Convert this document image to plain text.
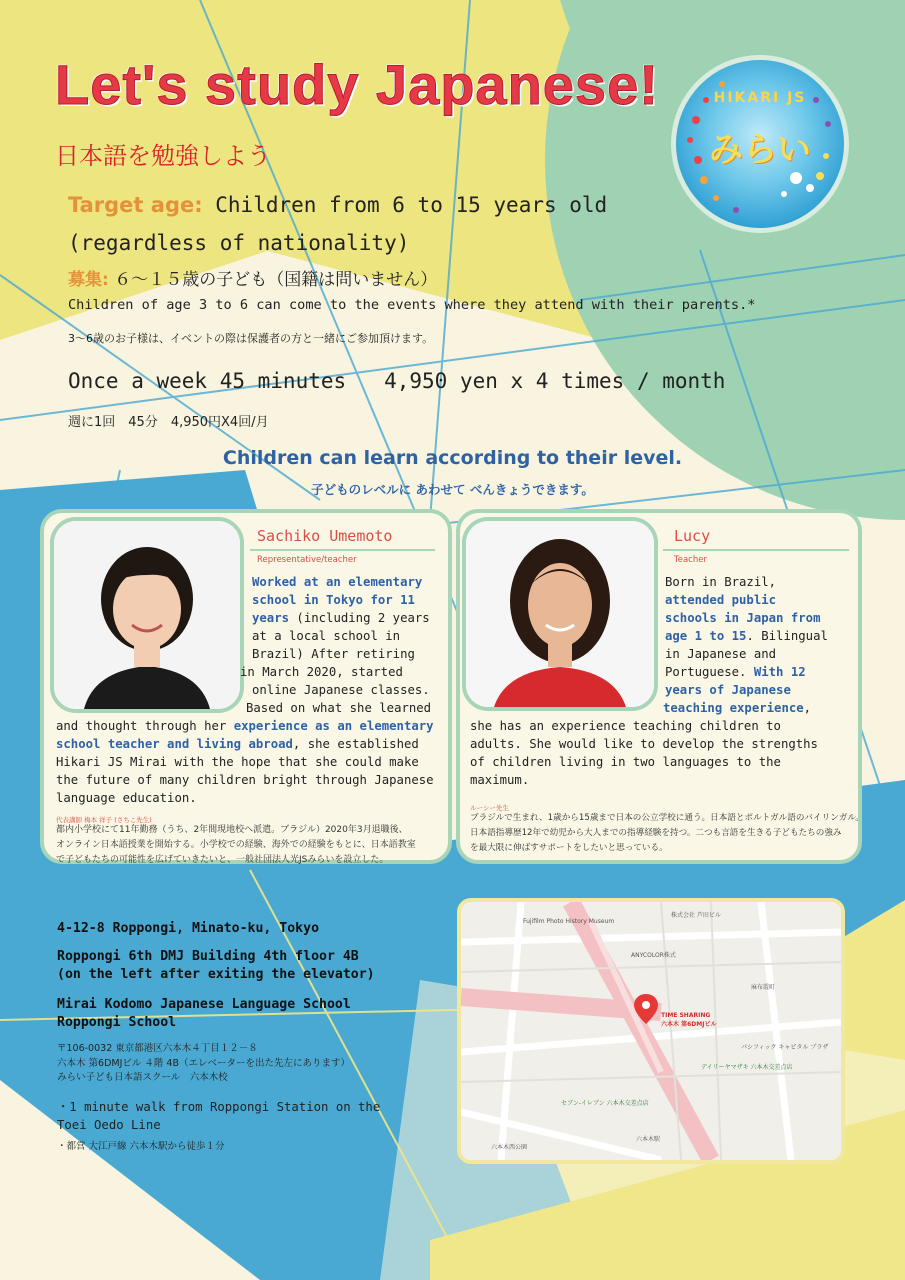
Let's study Japanese!
日本語を勉強しよう
HIKARI JS
みらい
Target age: Children from 6 to 15 years old
(regardless of nationality)
募集: ６～１５歳の子ども（国籍は問いません）
Children of age 3 to 6 can come to the events where they attend with their parents.*
3～6歳のお子様は、イベントの際は保護者の方と一緒にご参加頂けます。
Once a week 45 minutes   4,950 yen x 4 times / month
週に1回　45分　4,950円X4回/月
Children can learn according to their level.
子どものレベルに あわせて べんきょうできます。
Sachiko Umemoto
Representative/teacher
Worked at an elementary
school in Tokyo for 11
years (including 2 years
at a local school in
Brazil) After retiring
in March 2020, started
online Japanese classes.
Based on what she learned
and thought through her experience as an elementary
school teacher and living abroad, she established
Hikari JS Mirai with the hope that she could make
the future of many children bright through Japanese
language education.
代表講師 梅本 祥子 (さちこ先生)
都内小学校にて11年勤務（うち、2年間現地校へ派遣。ブラジル）2020年3月退職後、
オンライン日本語授業を開始する。小学校での経験、海外での経験をもとに、日本語教室
で子どもたちの可能性を広げていきたいと、一般社団法人光JSみらいを設立した。
Lucy
Teacher
Born in Brazil,
attended public
schools in Japan from
age 1 to 15. Bilingual
in Japanese and
Portuguese. With 12
years of Japanese
teaching experience,
she has an experience teaching children to
adults. She would like to develop the strengths
of children living in two languages to the
maximum.
ルーシー先生
ブラジルで生まれ、1歳から15歳まで日本の公立学校に通う。日本語とポルトガル語のバイリンガル。
日本語指導歴12年で幼児から大人までの指導経験を持つ。二つも言語を生きる子どもたちの強み
を最大限に伸ばすサポートをしたいと思っている。
4-12-8 Roppongi, Minato-ku, Tokyo
Roppongi 6th DMJ Building 4th floor 4B
(on the left after exiting the elevator)
Mirai Kodomo Japanese Language School
Roppongi School
〒106-0032 東京都港区六本木４丁目１２－８
六本木 第6DMJビル ４階 4B（エレベーターを出た先左にあります）
みらい子ども日本語スクール　六本木校
・1 minute walk from Roppongi Station on the
Toei Oedo Line
・都営 大江戸線 六本木駅から徒歩１分
Fujifilm Photo History Museum
ANYCOLOR株式
株式会社 芦田ビル
TIME SHARING
六本木 第6DMJビル
セブン-イレブン 六本木交差点店
デイリーヤマザキ 六本木交差点店
六本木西公園
六本木駅
麻布霞町
パシフィック キャピタル プラザ
